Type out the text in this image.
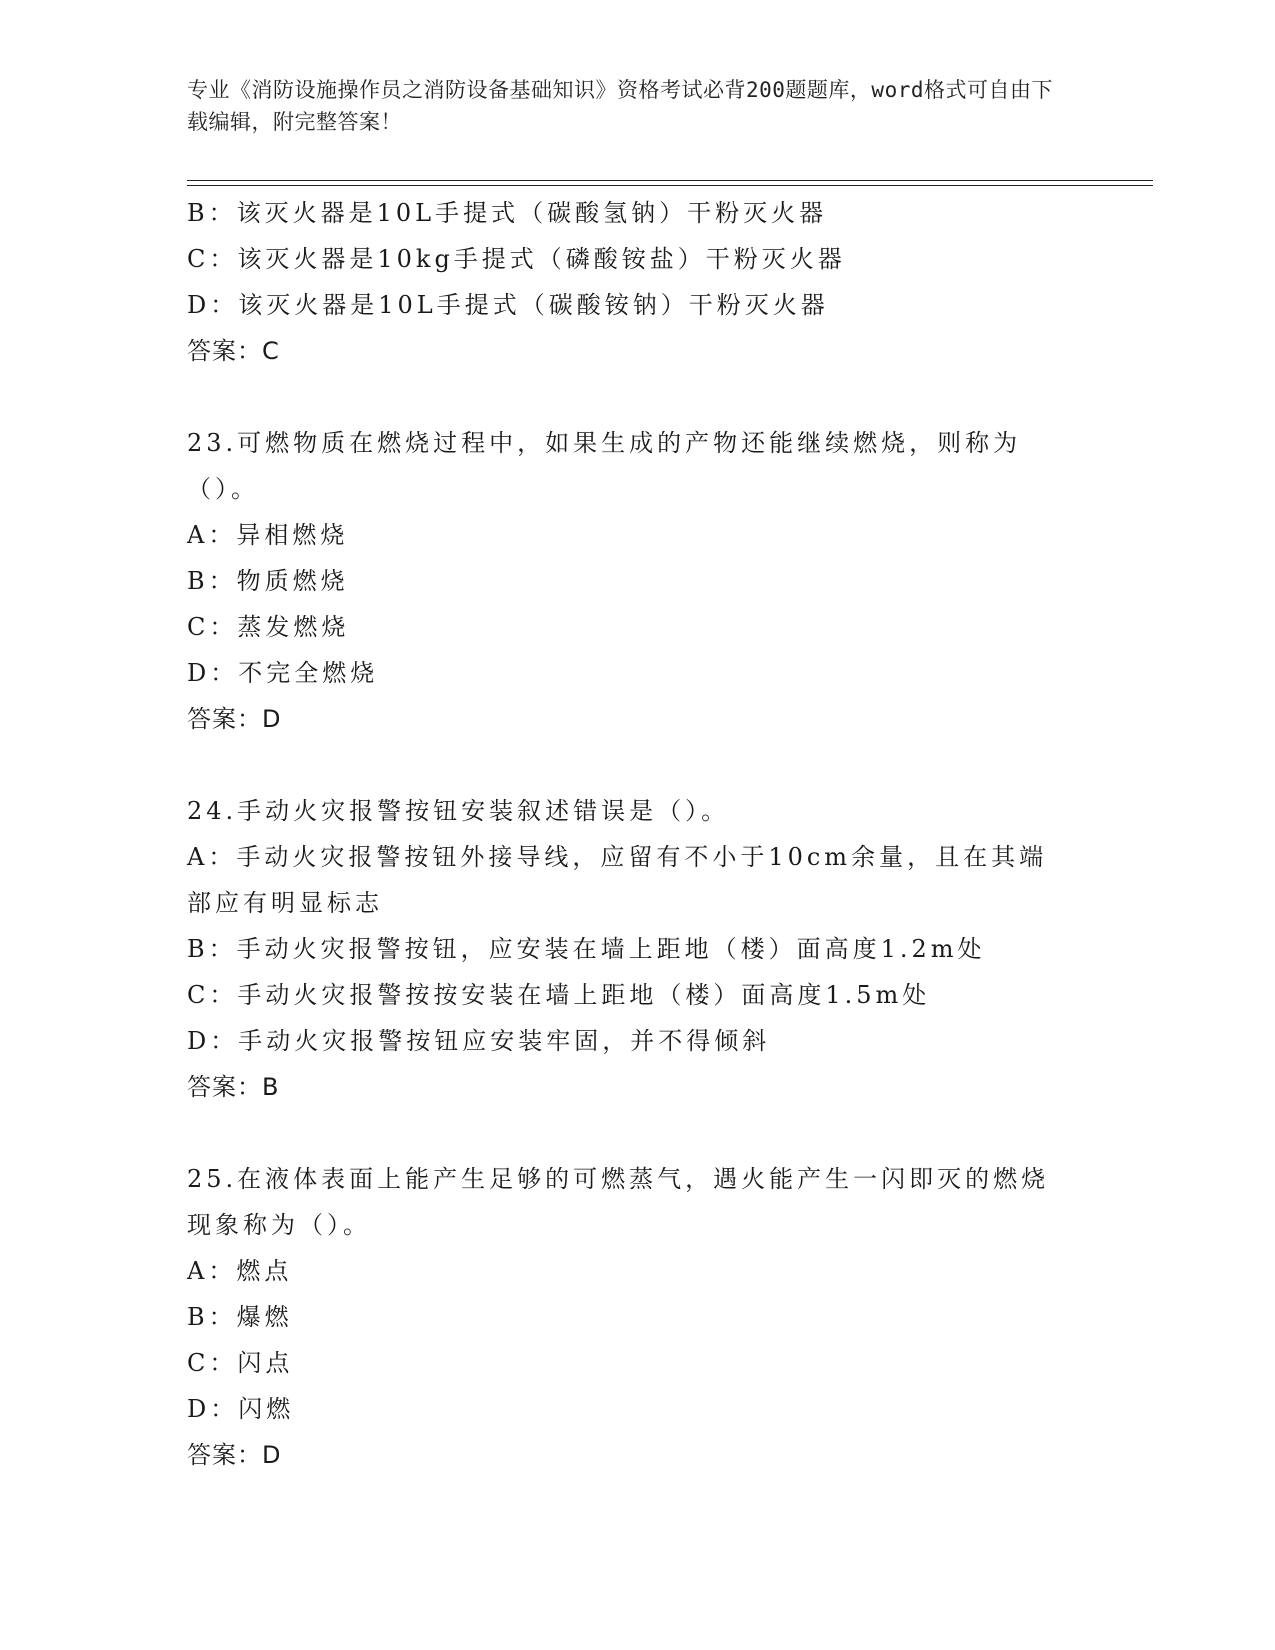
专业《消防设施操作员之消防设备基础知识》资格考试必背200题题库，word格式可自由下载编辑，附完整答案！
B：该灭火器是10L手提式（碳酸氢钠）干粉灭火器
C：该灭火器是10kg手提式（磷酸铵盐）干粉灭火器
D：该灭火器是10L手提式（碳酸铵钠）干粉灭火器
答案：C
23.可燃物质在燃烧过程中，如果生成的产物还能继续燃烧，则称为（）。
A：异相燃烧
B：物质燃烧
C：蒸发燃烧
D：不完全燃烧
答案：D
24.手动火灾报警按钮安装叙述错误是（）。
A：手动火灾报警按钮外接导线，应留有不小于10cm余量，且在其端部应有明显标志
B：手动火灾报警按钮，应安装在墙上距地（楼）面高度1.2m处
C：手动火灾报警按按安装在墙上距地（楼）面高度1.5m处
D：手动火灾报警按钮应安装牢固，并不得倾斜
答案：B
25.在液体表面上能产生足够的可燃蒸气，遇火能产生一闪即灭的燃烧现象称为（）。
A：燃点
B：爆燃
C：闪点
D：闪燃
答案：D
